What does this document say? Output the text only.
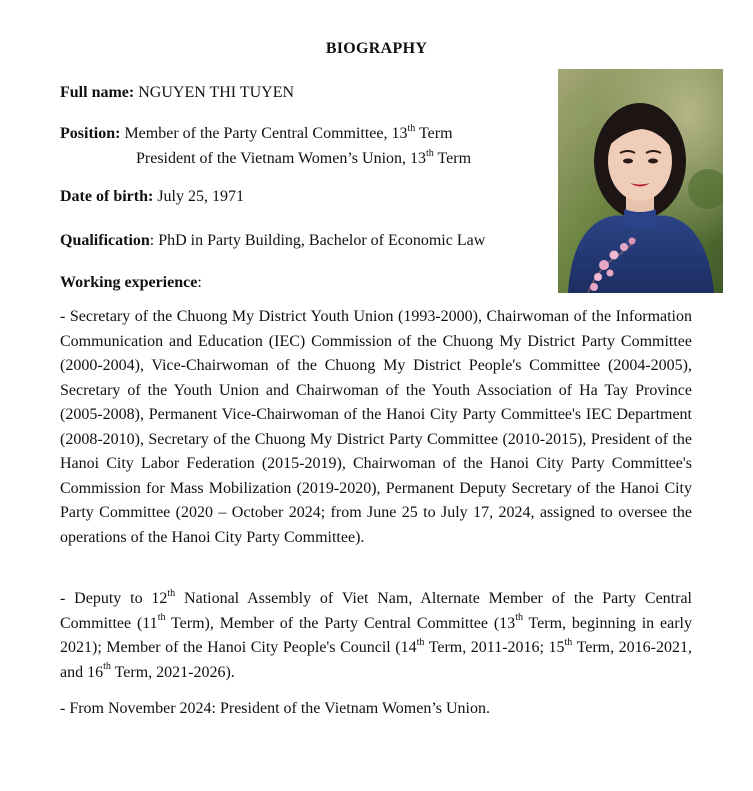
BIOGRAPHY
Full name: NGUYEN THI TUYEN
Position: Member of the Party Central Committee, 13th Term
President of the Vietnam Women’s Union, 13th Term
Date of birth: July 25, 1971
Qualification: PhD in Party Building, Bachelor of Economic Law
Working experience:
- Secretary of the Chuong My District Youth Union (1993-2000), Chairwoman of the Information Communication and Education (IEC) Commission of the Chuong My District Party Committee (2000-2004), Vice-Chairwoman of the Chuong My District People's Committee (2004-2005), Secretary of the Youth Union and Chairwoman of the Youth Association of Ha Tay Province (2005-2008), Permanent Vice-Chairwoman of the Hanoi City Party Committee's IEC Department (2008-2010), Secretary of the Chuong My District Party Committee (2010-2015), President of the Hanoi City Labor Federation (2015-2019), Chairwoman of the Hanoi City Party Committee's Commission for Mass Mobilization (2019-2020), Permanent Deputy Secretary of the Hanoi City Party Committee (2020 – October 2024; from June 25 to July 17, 2024, assigned to oversee the operations of the Hanoi City Party Committee).
- Deputy to 12th National Assembly of Viet Nam, Alternate Member of the Party Central Committee (11th Term), Member of the Party Central Committee (13th Term, beginning in early 2021); Member of the Hanoi City People's Council (14th Term, 2011-2016; 15th Term, 2016-2021, and 16th Term, 2021-2026).
- From November 2024: President of the Vietnam Women’s Union.
